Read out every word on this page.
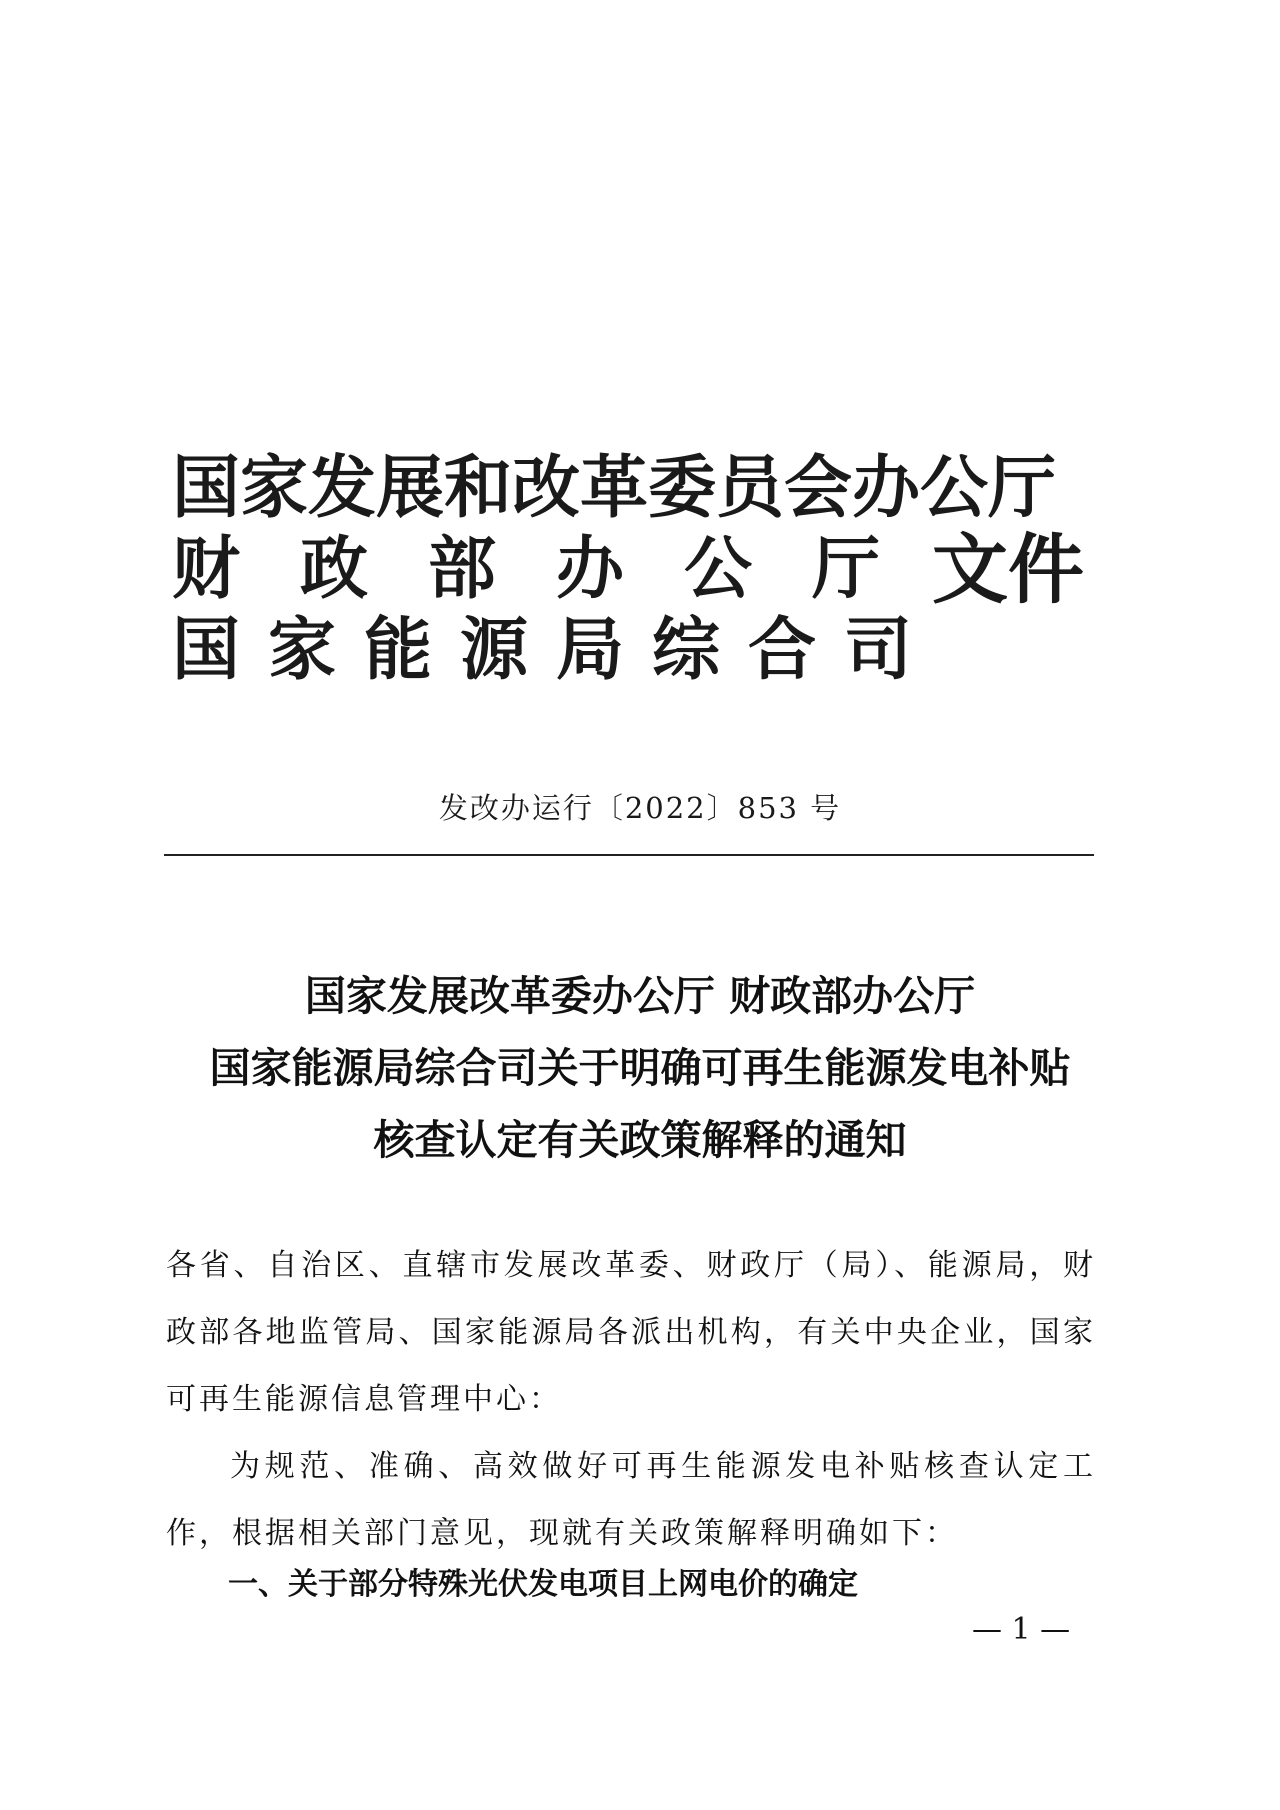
国家发展和改革委员会办公厅
财 政 部 办 公 厅
国 家 能 源 局 综 合 司
文件
发改办运行〔2022〕853 号
国家发展改革委办公厅 财政部办公厅
国家能源局综合司关于明确可再生能源发电补贴
核查认定有关政策解释的通知

各省、自治区、直辖市发展改革委、财政厅（局）、能源局，财政部各地监管局、国家能源局各派出机构，有关中央企业，国家可再生能源信息管理中心：

为规范、准确、高效做好可再生能源发电补贴核查认定工作，根据相关部门意见，现就有关政策解释明确如下：

一、关于部分特殊光伏发电项目上网电价的确定
— 1 —
